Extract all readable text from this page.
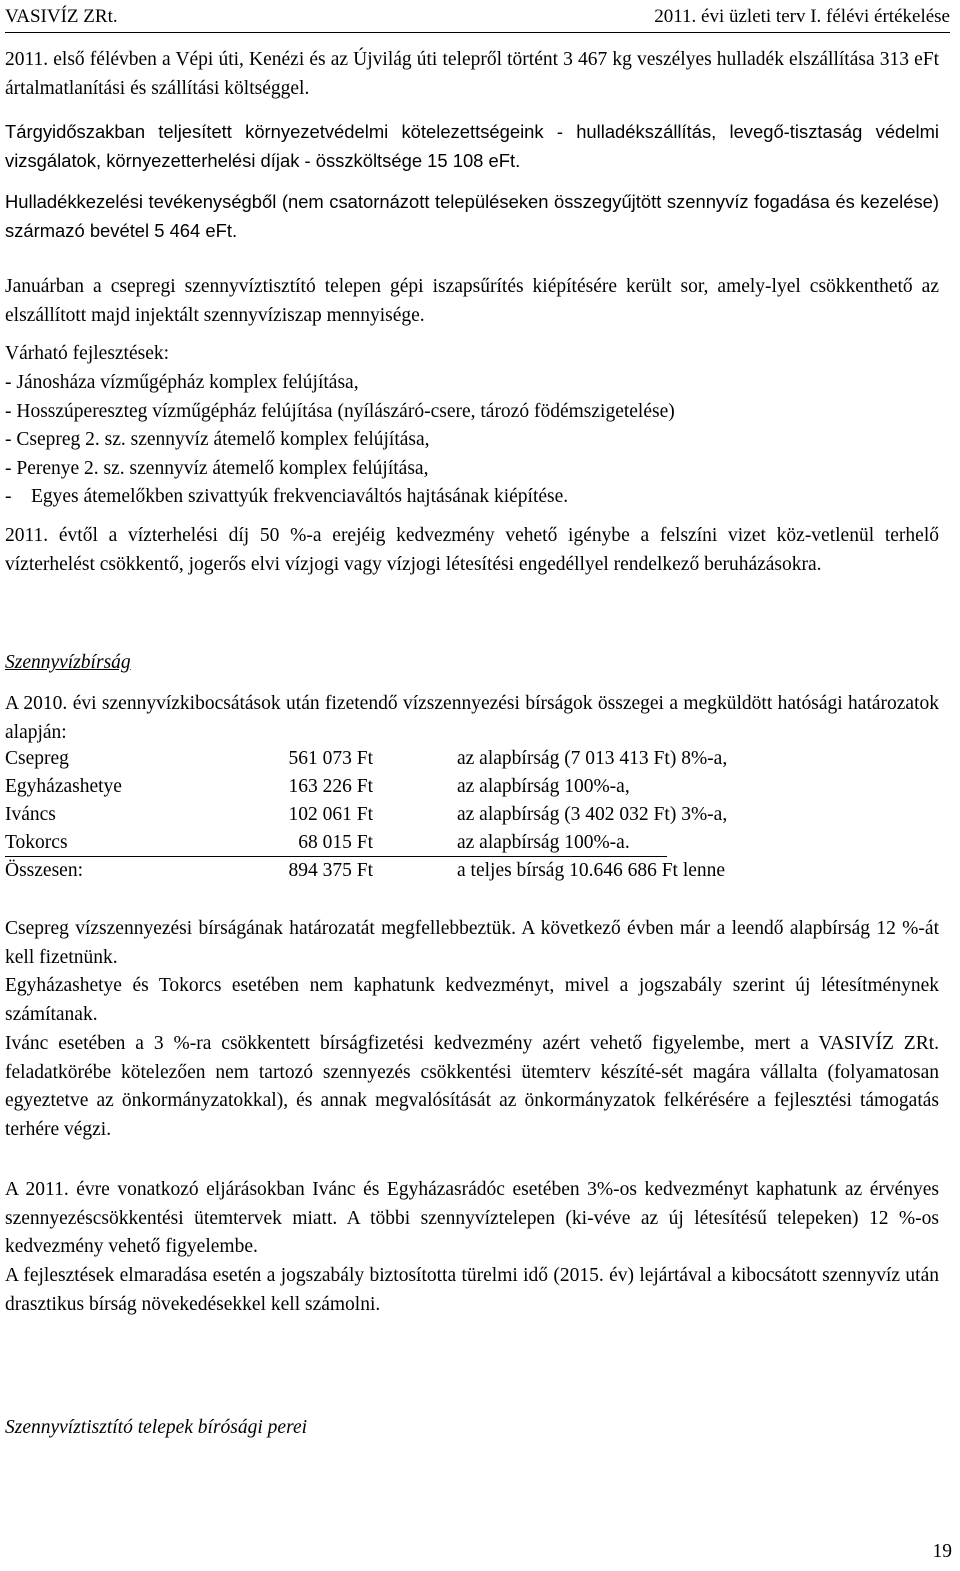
VASIVÍZ ZRt.	2011. évi üzleti terv I. félévi értékelése

2011. első félévben a Vépi úti, Kenézi és az Újvilág úti telepről történt 3 467 kg veszélyes hulladék elszállítása 313 eFt ártalmatlanítási és szállítási költséggel.

Tárgyidőszakban teljesített környezetvédelmi kötelezettségeink - hulladékszállítás, levegő-tisztaság védelmi vizsgálatok, környezetterhelési díjak - összköltsége 15 108 eFt.

Hulladékkezelési tevékenységből (nem csatornázott településeken összegyűjtött szennyvíz fogadása és kezelése) származó bevétel 5 464 eFt.

Januárban a csepregi szennyvíztisztító telepen gépi iszapsűrítés kiépítésére került sor, amely-lyel csökkenthető az elszállított majd injektált szennyvíziszap mennyisége.

Várható fejlesztések:

- Jánosháza vízműgépház komplex felújítása,
- Hosszúpereszteg vízműgépház felújítása (nyílászáró-csere, tározó födémszigetelése)
- Csepreg 2. sz. szennyvíz átemelő komplex felújítása,
- Perenye 2. sz. szennyvíz átemelő komplex felújítása,
-    Egyes átemelőkben szivattyúk frekvenciaváltós hajtásának kiépítése.

2011. évtől a vízterhelési díj 50 %-a erejéig kedvezmény vehető igénybe a felszíni vizet köz-vetlenül terhelő vízterhelést csökkentő, jogerős elvi vízjogi vagy vízjogi létesítési engedéllyel rendelkező beruházásokra.

Szennyvízbírság

A 2010. évi szennyvízkibocsátások után fizetendő vízszennyezési bírságok összegei a megküldött hatósági határozatok alapján:

Csepreg	561 073 Ft	az alapbírság (7 013 413 Ft) 8%-a,
Egyházashetye	163 226 Ft	az alapbírság 100%-a,
Iváncs	102 061 Ft	az alapbírság (3 402 032 Ft) 3%-a,
Tokorcs	68 015 Ft	az alapbírság 100%-a.
Összesen:	894 375 Ft	a teljes bírság 10.646 686 Ft lenne

Csepreg vízszennyezési bírságának határozatát megfellebbeztük. A következő évben már a leendő alapbírság 12 %-át kell fizetnünk.

Egyházashetye és Tokorcs esetében nem kaphatunk kedvezményt, mivel a jogszabály szerint új létesítménynek számítanak.

Ivánc esetében a 3 %-ra csökkentett bírságfizetési kedvezmény azért vehető figyelembe, mert a VASIVÍZ ZRt. feladatkörébe kötelezően nem tartozó szennyezés csökkentési ütemterv készíté-sét magára vállalta (folyamatosan egyeztetve az önkormányzatokkal), és annak megvalósítását az önkormányzatok felkérésére a fejlesztési támogatás terhére végzi.

A 2011. évre vonatkozó eljárásokban Ivánc és Egyházasrádóc esetében 3%-os kedvezményt kaphatunk az érvényes szennyezéscsökkentési ütemtervek miatt. A többi szennyvíztelepen (ki-véve az új létesítésű telepeken) 12 %-os kedvezmény vehető figyelembe.

A fejlesztések elmaradása esetén a jogszabály biztosította türelmi idő (2015. év) lejártával a kibocsátott szennyvíz után drasztikus bírság növekedésekkel kell számolni.

Szennyvíztisztító telepek bírósági perei
19
